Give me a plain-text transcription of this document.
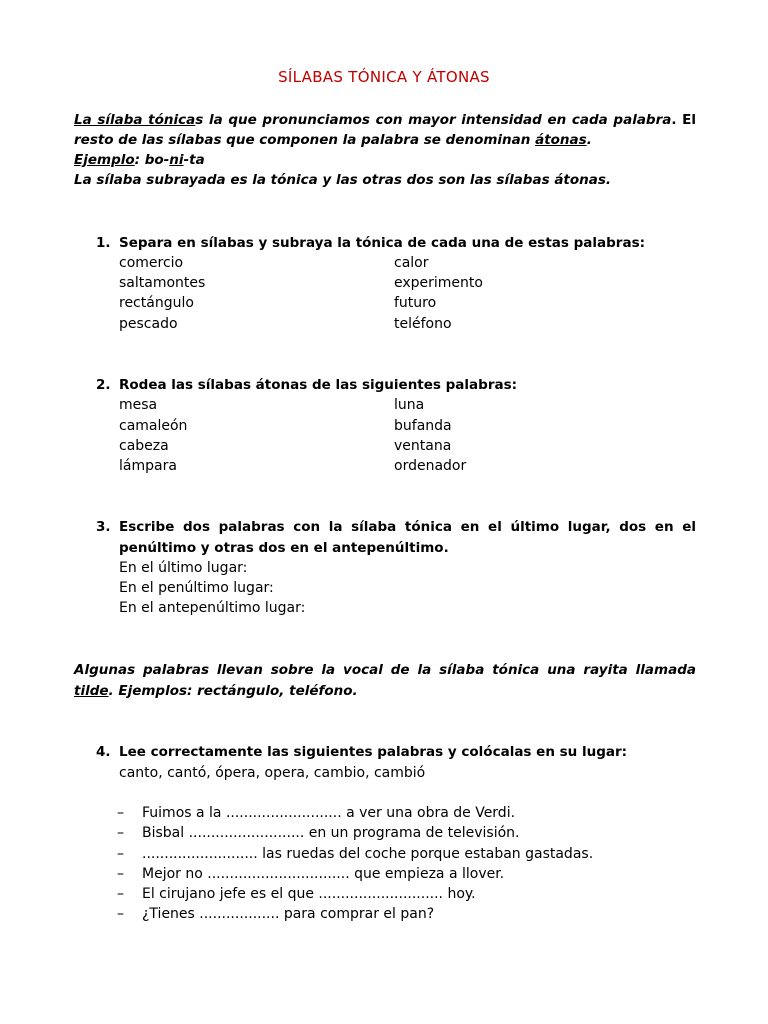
SÍLABAS TÓNICA Y ÁTONAS
La sílaba tónicas la que pronunciamos con mayor intensidad en cada palabra. El
resto de las sílabas que componen la palabra se denominan átonas.
Ejemplo: bo-ni-ta
La sílaba subrayada es la tónica y las otras dos son las sílabas átonas.
1. Separa en sílabas y subraya la tónica de cada una de estas palabras:
comercio
saltamontes
rectángulo
pescado
calor
experimento
futuro
teléfono
2. Rodea las sílabas átonas de las siguientes palabras:
mesa
camaleón
cabeza
lámpara
luna
bufanda
ventana
ordenador
3. Escribe dos palabras con la sílaba tónica en el último lugar, dos en el
penúltimo y otras dos en el antepenúltimo.
En el último lugar:
En el penúltimo lugar:
En el antepenúltimo lugar:
Algunas palabras llevan sobre la vocal de la sílaba tónica una rayita llamada
tilde. Ejemplos: rectángulo, teléfono.
4. Lee correctamente las siguientes palabras y colócalas en su lugar:
canto, cantó, ópera, opera, cambio, cambió
– Fuimos a la .......................... a ver una obra de Verdi.
– Bisbal .......................... en un programa de televisión.
– .......................... las ruedas del coche porque estaban gastadas.
– Mejor no ................................ que empieza a llover.
– El cirujano jefe es el que ............................ hoy.
– ¿Tienes .................. para comprar el pan?
